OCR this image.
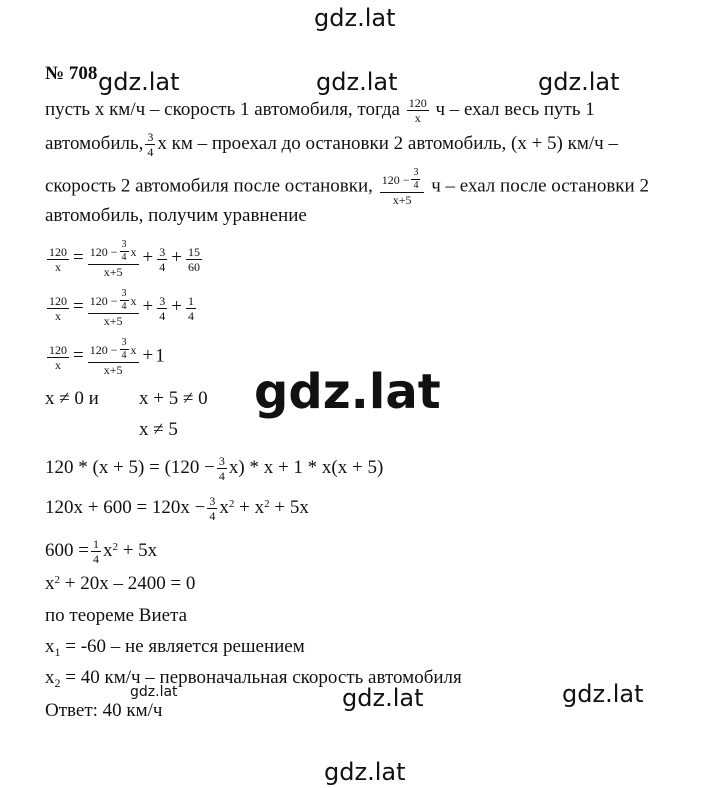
gdz.lat
gdz.lat	gdz.lat	gdz.lat
gdz.lat
gdz.lat	gdz.lat	gdz.lat
gdz.lat
№ 708
пусть x км/ч – скорость 1 автомобиля, тогда $\frac{120}{x}$ ч – ехал весь путь 1
автомобиль, $\frac{3}{4}$ x км – проехал до остановки 2 автомобиль, (x + 5) км/ч –
скорость 2 автомобиля после остановки, $\frac{120 - \frac{3}{4}}{x+5}$ ч – ехал после остановки 2
автомобиль, получим уравнение
$\frac{120}{x} = \frac{120 - \frac{3}{4} x}{x+5} + \frac{3}{4} + \frac{15}{60}$
$\frac{120}{x} = \frac{120 - \frac{3}{4} x}{x+5} + \frac{3}{4} + \frac{1}{4}$
$\frac{120}{x} = \frac{120 - \frac{3}{4} x}{x+5} + 1$
x ≠ 0 и x + 5 ≠ 0
x ≠ 5
$120 * (x + 5) = (120 - \frac{3}{4} x) * x + 1 * x(x + 5)$
$120x + 600 = 120x - \frac{3}{4} x^2 + x^2 + 5x$
$600 = \frac{1}{4} x^2 + 5x$
$x^2 + 20x - 2400 = 0$
по теореме Виета
$x_1 = -60$ – не является решением
$x_2 = 40$ км/ч – первоначальная скорость автомобиля
Ответ: 40 км/ч
